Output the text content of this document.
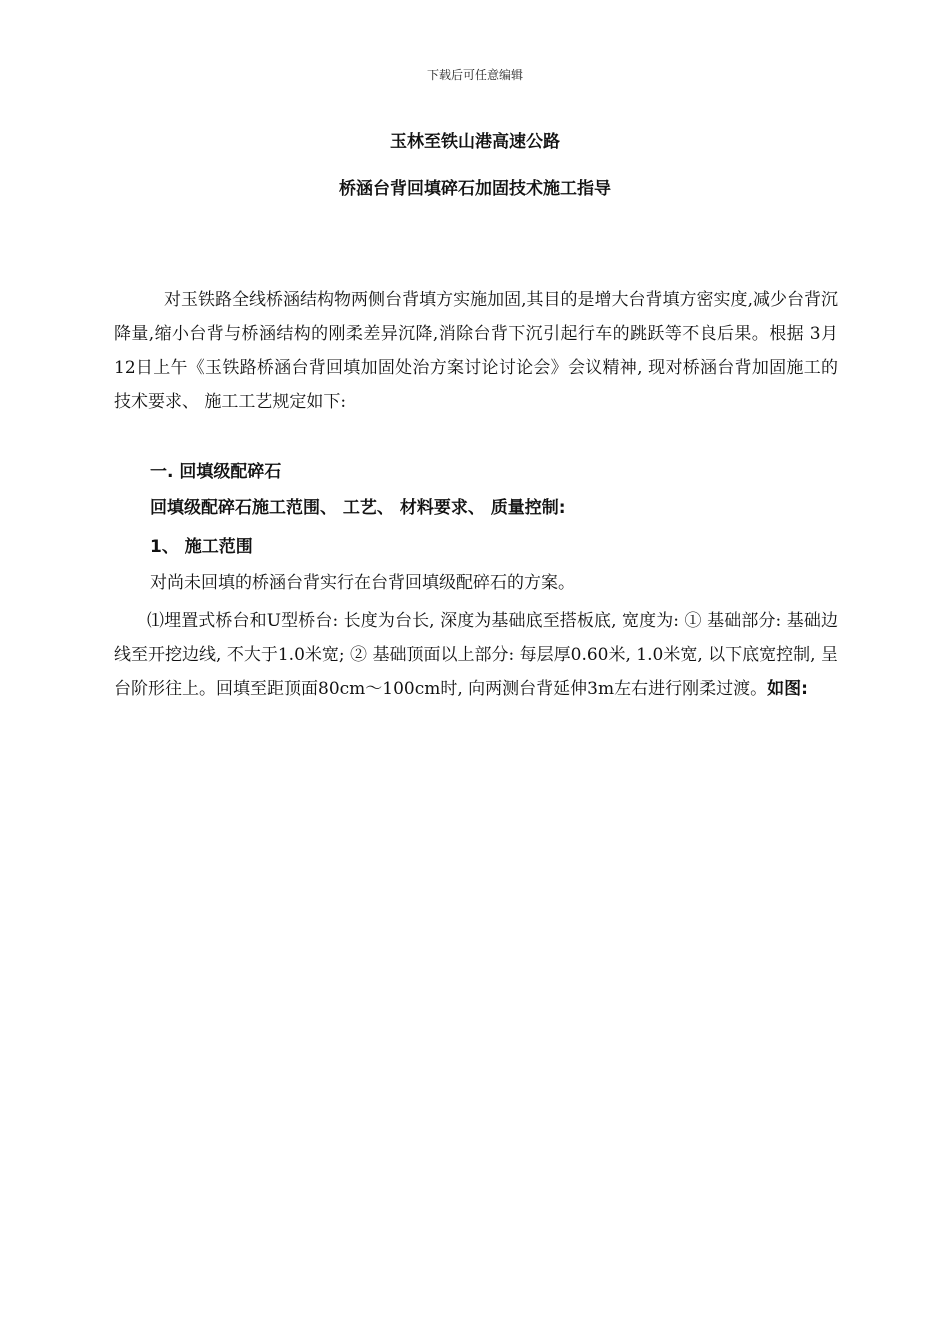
下载后可任意编辑
玉林至铁山港高速公路
桥涵台背回填碎石加固技术施工指导
对玉铁路全线桥涵结构物两侧台背填方实施加固,其目的是增大台背填方密实度,减少台背沉降量,缩小台背与桥涵结构的刚柔差异沉降,消除台背下沉引起行车的跳跃等不良后果。根据 3月12日上午《玉铁路桥涵台背回填加固处治方案讨论讨论会》会议精神, 现对桥涵台背加固施工的技术要求、 施工工艺规定如下:
一. 回填级配碎石
回填级配碎石施工范围、 工艺、 材料要求、 质量控制:
1、 施工范围
对尚未回填的桥涵台背实行在台背回填级配碎石的方案。
⑴埋置式桥台和U型桥台: 长度为台长, 深度为基础底至搭板底, 宽度为: ① 基础部分: 基础边线至开挖边线, 不大于1.0米宽; ② 基础顶面以上部分: 每层厚0.60米, 1.0米宽, 以下底宽控制, 呈台阶形往上。回填至距顶面80cm～100cm时, 向两测台背延伸3m左右进行刚柔过渡。如图:
